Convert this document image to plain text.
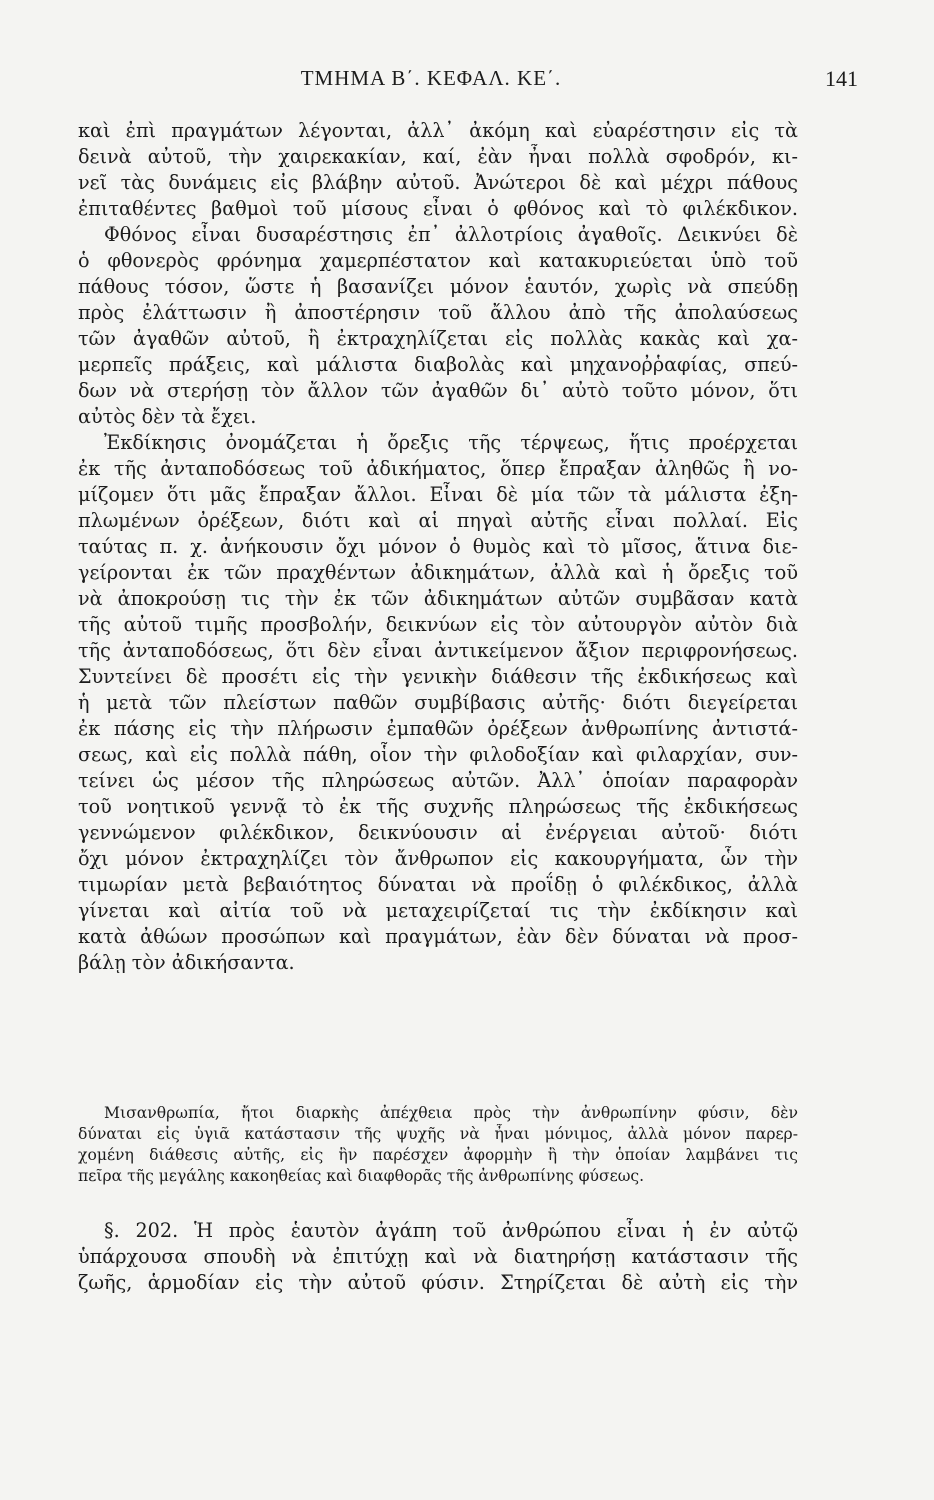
ΤΜΗΜΑ Β΄. ΚΕΦΑΛ. ΚΕ΄.	141
καὶ ἐπὶ πραγμάτων λέγονται, ἀλλ᾽ ἀκόμη καὶ εὐαρέστησιν εἰς τὰ
δεινὰ αὐτοῦ, τὴν χαιρεκακίαν, καί, ἐὰν ἦναι πολλὰ σφοδρόν, κι-
νεῖ τὰς δυνάμεις εἰς βλάβην αὐτοῦ. Ἀνώτεροι δὲ καὶ μέχρι πάθους
ἐπιταθέντες βαθμοὶ τοῦ μίσους εἶναι ὁ φθόνος καὶ τὸ φιλέκδικον.
Φθόνος εἶναι δυσαρέστησις ἐπ᾽ ἀλλοτρίοις ἀγαθοῖς. Δεικνύει δὲ
ὁ φθονερὸς φρόνημα χαμερπέστατον καὶ κατακυριεύεται ὑπὸ τοῦ
πάθους τόσον, ὥστε ἡ βασανίζει μόνον ἑαυτόν, χωρὶς νὰ σπεύδῃ
πρὸς ἐλάττωσιν ἢ ἀποστέρησιν τοῦ ἄλλου ἀπὸ τῆς ἀπολαύσεως
τῶν ἀγαθῶν αὐτοῦ, ἢ ἐκτραχηλίζεται εἰς πολλὰς κακὰς καὶ χα-
μερπεῖς πράξεις, καὶ μάλιστα διαβολὰς καὶ μηχανοῤῥαφίας, σπεύ-
δων νὰ στερήσῃ τὸν ἄλλον τῶν ἀγαθῶν δι᾽ αὐτὸ τοῦτο μόνον, ὅτι
αὐτὸς δὲν τὰ ἔχει.
Ἐκδίκησις ὀνομάζεται ἡ ὄρεξις τῆς τέρψεως, ἥτις προέρχεται
ἐκ τῆς ἀνταποδόσεως τοῦ ἀδικήματος, ὅπερ ἔπραξαν ἀληθῶς ἢ νο-
μίζομεν ὅτι μᾶς ἔπραξαν ἄλλοι. Εἶναι δὲ μία τῶν τὰ μάλιστα ἐξη-
πλωμένων ὀρέξεων, διότι καὶ αἱ πηγαὶ αὐτῆς εἶναι πολλαί. Εἰς
ταύτας π. χ. ἀνήκουσιν ὄχι μόνον ὁ θυμὸς καὶ τὸ μῖσος, ἅτινα διε-
γείρονται ἐκ τῶν πραχθέντων ἀδικημάτων, ἀλλὰ καὶ ἡ ὄρεξις τοῦ
νὰ ἀποκρούσῃ τις τὴν ἐκ τῶν ἀδικημάτων αὐτῶν συμβᾶσαν κατὰ
τῆς αὐτοῦ τιμῆς προσβολήν, δεικνύων εἰς τὸν αὐτουργὸν αὐτὸν διὰ
τῆς ἀνταποδόσεως, ὅτι δὲν εἶναι ἀντικείμενον ἄξιον περιφρονήσεως.
Συντείνει δὲ προσέτι εἰς τὴν γενικὴν διάθεσιν τῆς ἐκδικήσεως καὶ
ἡ μετὰ τῶν πλείστων παθῶν συμβίβασις αὐτῆς· διότι διεγείρεται
ἐκ πάσης εἰς τὴν πλήρωσιν ἐμπαθῶν ὀρέξεων ἀνθρωπίνης ἀντιστά-
σεως, καὶ εἰς πολλὰ πάθη, οἷον τὴν φιλοδοξίαν καὶ φιλαρχίαν, συν-
τείνει ὡς μέσον τῆς πληρώσεως αὐτῶν. Ἀλλ᾽ ὁποίαν παραφορὰν
τοῦ νοητικοῦ γεννᾷ τὸ ἐκ τῆς συχνῆς πληρώσεως τῆς ἐκδικήσεως
γεννώμενον φιλέκδικον, δεικνύουσιν αἱ ἐνέργειαι αὐτοῦ· διότι
ὄχι μόνον ἐκτραχηλίζει τὸν ἄνθρωπον εἰς κακουργήματα, ὧν τὴν
τιμωρίαν μετὰ βεβαιότητος δύναται νὰ προΐδῃ ὁ φιλέκδικος, ἀλλὰ
γίνεται καὶ αἰτία τοῦ νὰ μεταχειρίζεταί τις τὴν ἐκδίκησιν καὶ
κατὰ ἀθώων προσώπων καὶ πραγμάτων, ἐὰν δὲν δύναται νὰ προσ-
βάλῃ τὸν ἀδικήσαντα.
Μισανθρωπία, ἤτοι διαρκὴς ἀπέχθεια πρὸς τὴν ἀνθρωπίνην φύσιν, δὲν
δύναται εἰς ὑγιᾶ κατάστασιν τῆς ψυχῆς νὰ ἦναι μόνιμος, ἀλλὰ μόνον παρερ-
χομένη διάθεσις αὐτῆς, εἰς ἣν παρέσχεν ἀφορμὴν ἢ τὴν ὁποίαν λαμβάνει τις
πεῖρα τῆς μεγάλης κακοηθείας καὶ διαφθορᾶς τῆς ἀνθρωπίνης φύσεως.
§. 202. Ἡ πρὸς ἑαυτὸν ἀγάπη τοῦ ἀνθρώπου εἶναι ἡ ἐν αὐτῷ
ὑπάρχουσα σπουδὴ νὰ ἐπιτύχῃ καὶ νὰ διατηρήσῃ κατάστασιν τῆς
ζωῆς, ἁρμοδίαν εἰς τὴν αὐτοῦ φύσιν. Στηρίζεται δὲ αὐτὴ εἰς τὴν
